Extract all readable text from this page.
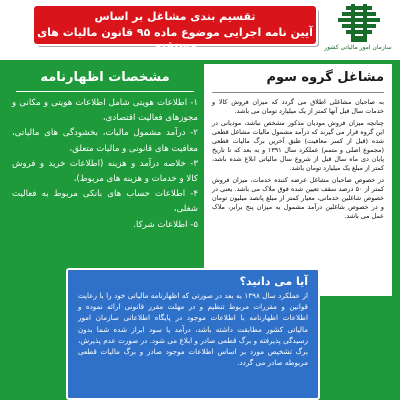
سازمان امور مالیاتی کشور
تقسیم بندی مشاغل بر اساس
آیین نامه اجرایی موضوع ماده ۹۵ قانون مالیات های مستقیم
مشخصات اظهارنامه

۱- اطلاعات هویتی شامل اطلاعات هویتی و مکانی و مجوزهای فعالیت اقتصادی،

۲- درآمد مشمول مالیات، بخشودگی های مالیاتی، معافیت های قانونی و مالیات متعلق،

۳- خلاصه درآمد و هزینه (اطلاعات خرید و فروش کالا و خدمات و هزینه های مربوط)،

۴- اطلاعات حساب های بانکی مربوط به فعالیت شغلی،

۵- اطلاعات شرکا.

مشاغل گروه سوم

به صاحبان مشاغلی اطلاق می گردد که میزان فروش کالا و خدمات سال قبل آنها کمتر از یک میلیارد تومان می باشد.

چنانچه میزان فروش مودیان مذکور مشخص نباشد، مودیانی در این گروه قرار می گیرند که درآمد مشمول مالیات مشاغل قطعی شده (قبل از کسر معافیت) طبق آخرین برگ مالیات قطعی (مجموع اصلی و متمم) عملکرد سال ۱۳۹۱ و به بعد که تا تاریخ پایان دی ماه سال قبل از شروع سال مالیاتی ابلاغ شده باشد، کمتر از مبلغ یک میلیارد تومان باشد.

در خصوص صاحبان مشاغل عرضه کننده خدمات، میزان فروش کمتر از ۵۰ درصد سقف تعیین شده فوق ملاک می باشد. یعنی در خصوص شاغلین خدماتی، معیار کمتر از مبلغ پانصد میلیون تومان و در خصوص شاغلین درآمد مشمول به میزان پنج برابر، ملاک عمل می باشد.

آیا می دانید؟
از عملکرد سال ۱۳۹۸ به بعد در صورتی که اظهارنامه مالیاتی خود را با رعایت قوانین و مقررات مربوط تنظیم و در مهلت مقرر قانونی ارائه نموده و اطلاعات اظهارنامه با اطلاعات موجود در پایگاه اطلاعاتی سازمان امور مالیاتی کشور مطابقت داشته باشد، درآمد یا سود ابراز شده شما بدون رسیدگی پذیرفته و برگ قطعی صادر و ابلاغ می شود. در صورت عدم پذیرش، برگ تشخیص مورد بر اساس اطلاعات موجود صادر و برگ مالیات قطعی مربوطه صادر می گردد.
